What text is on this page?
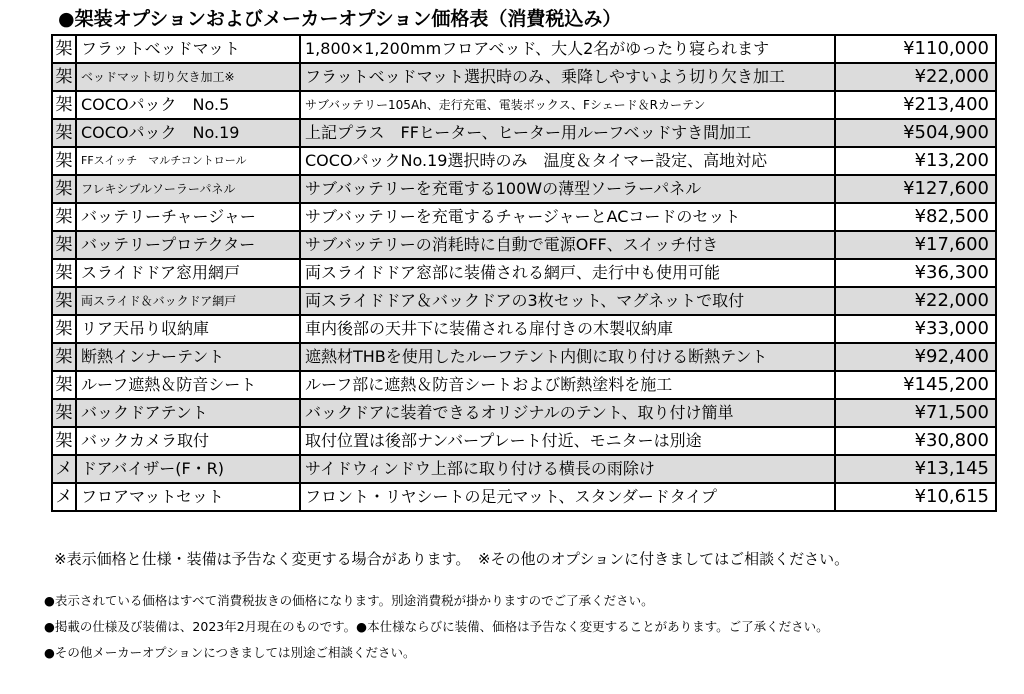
●架装オプションおよびメーカーオプション価格表（消費税込み）
架	フラットベッドマット	1,800×1,200mmフロアベッド、大人2名がゆったり寝られます	¥110,000
架	ベッドマット切り欠き加工※	フラットベッドマット選択時のみ、乗降しやすいよう切り欠き加工	¥22,000
架	COCOパック　No.5	サブバッテリー105Ah、走行充電、電装ボックス、Fシェード＆Rカーテン	¥213,400
架	COCOパック　No.19	上記プラス　FFヒーター、ヒーター用ルーフベッドすき間加工	¥504,900
架	FFスイッチ　マルチコントロール	COCOパックNo.19選択時のみ　温度＆タイマー設定、高地対応	¥13,200
架	フレキシブルソーラーパネル	サブバッテリーを充電する100Wの薄型ソーラーパネル	¥127,600
架	バッテリーチャージャー	サブバッテリーを充電するチャージャーとACコードのセット	¥82,500
架	バッテリープロテクター	サブバッテリーの消耗時に自動で電源OFF、スイッチ付き	¥17,600
架	スライドドア窓用網戸	両スライドドア窓部に装備される網戸、走行中も使用可能	¥36,300
架	両スライド＆バックドア網戸	両スライドドア＆バックドアの3枚セット、マグネットで取付	¥22,000
架	リア天吊り収納庫	車内後部の天井下に装備される扉付きの木製収納庫	¥33,000
架	断熱インナーテント	遮熱材THBを使用したルーフテント内側に取り付ける断熱テント	¥92,400
架	ルーフ遮熱＆防音シート	ルーフ部に遮熱＆防音シートおよび断熱塗料を施工	¥145,200
架	バックドアテント	バックドアに装着できるオリジナルのテント、取り付け簡単	¥71,500
架	バックカメラ取付	取付位置は後部ナンバープレート付近、モニターは別途	¥30,800
メ	ドアバイザー(F・R)	サイドウィンドウ上部に取り付ける横長の雨除け	¥13,145
メ	フロアマットセット	フロント・リヤシートの足元マット、スタンダードタイプ	¥10,615
※表示価格と仕様・装備は予告なく変更する場合があります。　※その他のオプションに付きましてはご相談ください。
●表示されている価格はすべて消費税抜きの価格になります。別途消費税が掛かりますのでご了承ください。
●掲載の仕様及び装備は、2023年2月現在のものです。●本仕様ならびに装備、価格は予告なく変更することがあります。ご了承ください。
●その他メーカーオプションにつきましては別途ご相談ください。
